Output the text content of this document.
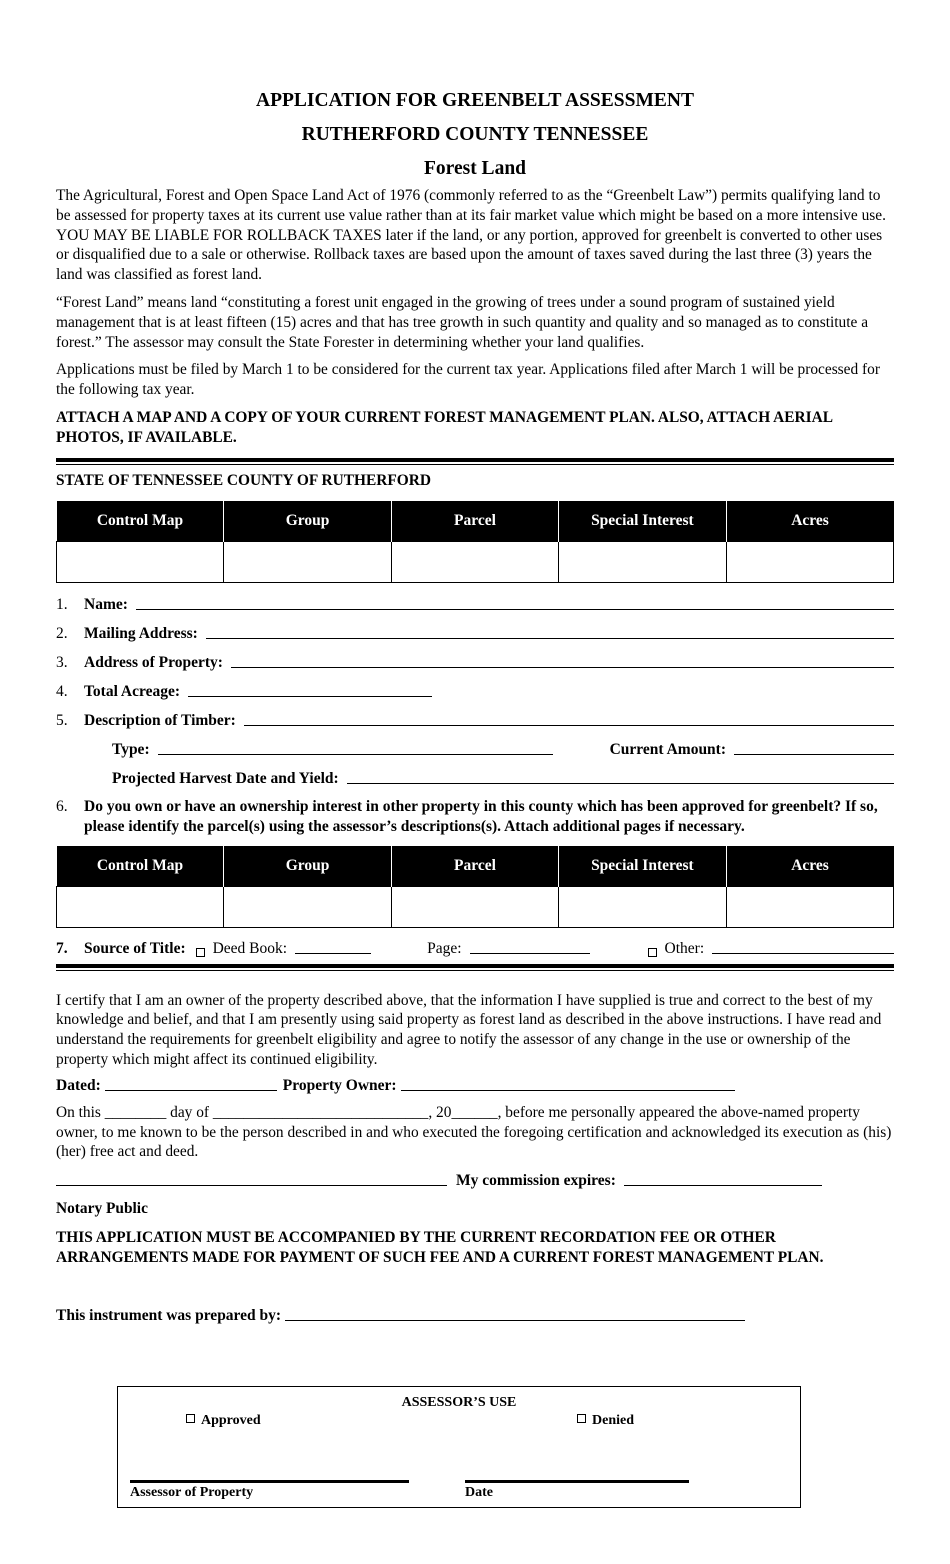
APPLICATION FOR GREENBELT ASSESSMENT
RUTHERFORD COUNTY TENNESSEE
Forest Land

The Agricultural, Forest and Open Space Land Act of 1976 (commonly referred to as the “Greenbelt Law”) permits qualifying land to be assessed for property taxes at its current use value rather than at its fair market value which might be based on a more intensive use. YOU MAY BE LIABLE FOR ROLLBACK TAXES later if the land, or any portion, approved for greenbelt is converted to other uses or disqualified due to a sale or otherwise. Rollback taxes are based upon the amount of taxes saved during the last three (3) years the land was classified as forest land.

“Forest Land” means land “constituting a forest unit engaged in the growing of trees under a sound program of sustained yield management that is at least fifteen (15) acres and that has tree growth in such quantity and quality and so managed as to constitute a forest.” The assessor may consult the State Forester in determining whether your land qualifies.

Applications must be filed by March 1 to be considered for the current tax year. Applications filed after March 1 will be processed for the following tax year.

ATTACH A MAP AND A COPY OF YOUR CURRENT FOREST MANAGEMENT PLAN. ALSO, ATTACH AERIAL PHOTOS, IF AVAILABLE.

STATE OF TENNESSEE COUNTY OF RUTHERFORD

Control Map	Group	Parcel	Special Interest	Acres

1.	Name:
2.	Mailing Address:
3.	Address of Property:
4.	Total Acreage:
5.	Description of Timber:
Type:	Current Amount:
Projected Harvest Date and Yield:
6.	Do you own or have an ownership interest in other property in this county which has been approved for greenbelt? If so, please identify the parcel(s) using the assessor’s descriptions(s). Attach additional pages if necessary.
Control Map	Group	Parcel	Special Interest	Acres

7.	Source of Title: Deed Book:	Page:	Other:

I certify that I am an owner of the property described above, that the information I have supplied is true and correct to the best of my knowledge and belief, and that I am presently using said property as forest land as described in the above instructions. I have read and understand the requirements for greenbelt eligibility and agree to notify the assessor of any change in the use or ownership of the property which might affect its continued eligibility.

Dated:	Property Owner:

On this ________ day of ____________________________, 20______, before me personally appeared the above-named property owner, to me known to be the person described in and who executed the foregoing certification and acknowledged its execution as (his) (her) free act and deed.

My commission expires:

Notary Public

THIS APPLICATION MUST BE ACCOMPANIED BY THE CURRENT RECORDATION FEE OR OTHER ARRANGEMENTS MADE FOR PAYMENT OF SUCH FEE AND A CURRENT FOREST MANAGEMENT PLAN.

This instrument was prepared by:
ASSESSOR’S USE
Approved	Denied
Assessor of Property	Date
